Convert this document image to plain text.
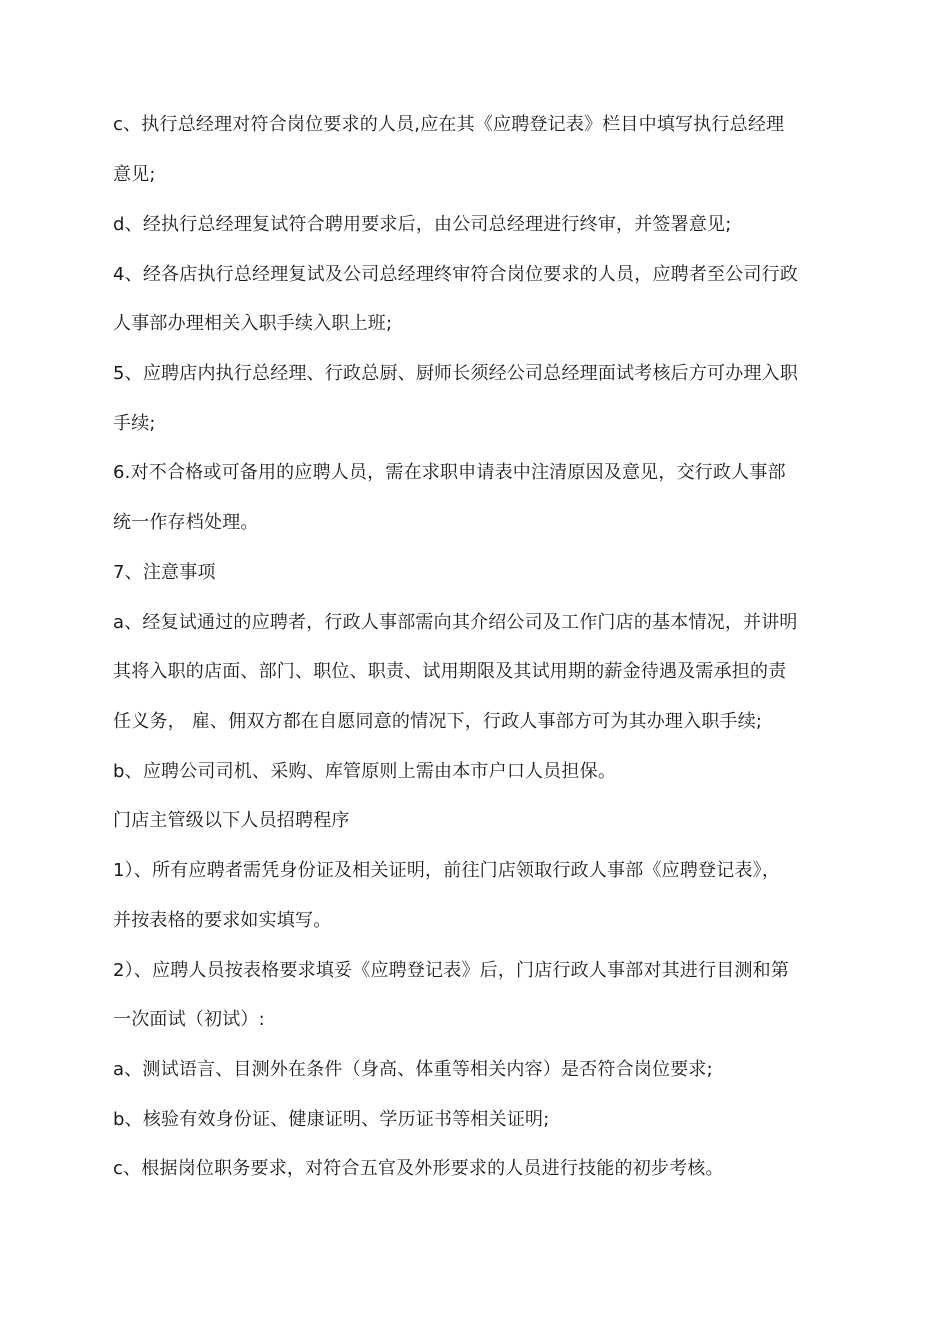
c、执行总经理对符合岗位要求的人员,应在其《应聘登记表》栏目中填写执行总经理

意见;

d、经执行总经理复试符合聘用要求后，由公司总经理进行终审，并签署意见;

4、经各店执行总经理复试及公司总经理终审符合岗位要求的人员，应聘者至公司行政

人事部办理相关入职手续入职上班;

5、应聘店内执行总经理、行政总厨、厨师长须经公司总经理面试考核后方可办理入职

手续;

6.对不合格或可备用的应聘人员，需在求职申请表中注清原因及意见，交行政人事部

统一作存档处理。

7、注意事项

a、经复试通过的应聘者，行政人事部需向其介绍公司及工作门店的基本情况，并讲明

其将入职的店面、部门、职位、职责、试用期限及其试用期的薪金待遇及需承担的责

任义务， 雇、佣双方都在自愿同意的情况下，行政人事部方可为其办理入职手续;

b、应聘公司司机、采购、库管原则上需由本市户口人员担保。

门店主管级以下人员招聘程序

1）、所有应聘者需凭身份证及相关证明，前往门店领取行政人事部《应聘登记表》，

并按表格的要求如实填写。

2）、应聘人员按表格要求填妥《应聘登记表》后，门店行政人事部对其进行目测和第

一次面试（初试）:

a、测试语言、目测外在条件（身高、体重等相关内容）是否符合岗位要求;

b、核验有效身份证、健康证明、学历证书等相关证明;

c、根据岗位职务要求，对符合五官及外形要求的人员进行技能的初步考核。
